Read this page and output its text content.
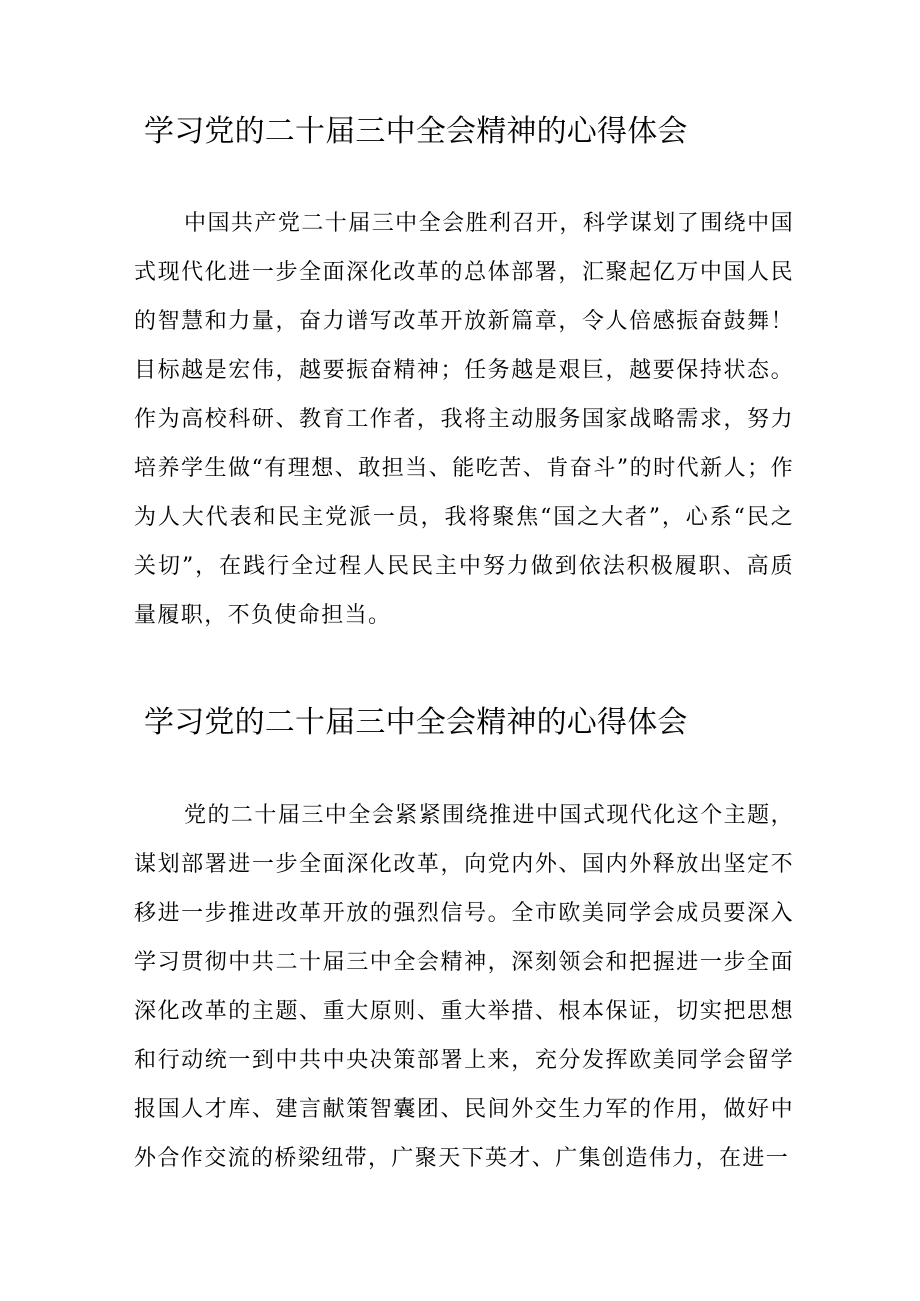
学习党的二十届三中全会精神的心得体会

中国共产党二十届三中全会胜利召开，科学谋划了围绕中国式现代化进一步全面深化改革的总体部署，汇聚起亿万中国人民的智慧和力量，奋力谱写改革开放新篇章，令人倍感振奋鼓舞！目标越是宏伟，越要振奋精神；任务越是艰巨，越要保持状态。作为高校科研、教育工作者，我将主动服务国家战略需求，努力培养学生做“有理想、敢担当、能吃苦、肯奋斗”的时代新人；作为人大代表和民主党派一员，我将聚焦“国之大者”，心系“民之关切”，在践行全过程人民民主中努力做到依法积极履职、高质量履职，不负使命担当。

学习党的二十届三中全会精神的心得体会

党的二十届三中全会紧紧围绕推进中国式现代化这个主题，谋划部署进一步全面深化改革，向党内外、国内外释放出坚定不移进一步推进改革开放的强烈信号。全市欧美同学会成员要深入学习贯彻中共二十届三中全会精神，深刻领会和把握进一步全面深化改革的主题、重大原则、重大举措、根本保证，切实把思想和行动统一到中共中央决策部署上来，充分发挥欧美同学会留学报国人才库、建言献策智囊团、民间外交生力军的作用，做好中外合作交流的桥梁纽带，广聚天下英才、广集创造伟力，在进一
